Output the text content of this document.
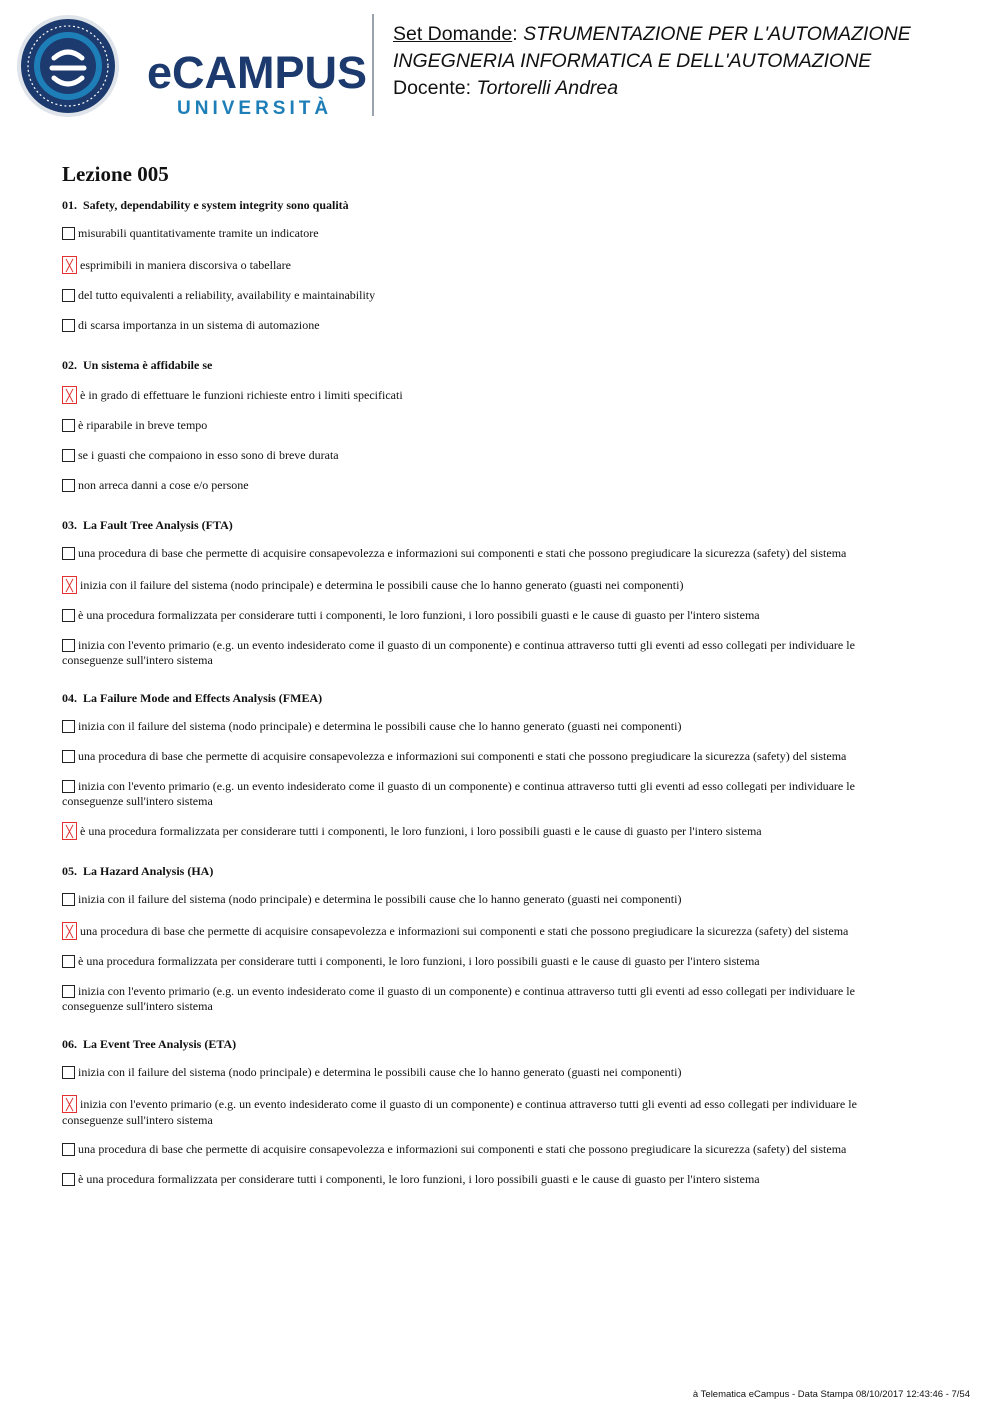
eCAMPUS
UNIVERSITÀ
Set Domande: STRUMENTAZIONE PER L'AUTOMAZIONE
INGEGNERIA INFORMATICA E DELL'AUTOMAZIONE
Docente: Tortorelli Andrea
Lezione 005
01. Safety, dependability e system integrity sono qualità
misurabili quantitativamente tramite un indicatore
esprimibili in maniera discorsiva o tabellare
del tutto equivalenti a reliability, availability e maintainability
di scarsa importanza in un sistema di automazione
02. Un sistema è affidabile se
è in grado di effettuare le funzioni richieste entro i limiti specificati
è riparabile in breve tempo
se i guasti che compaiono in esso sono di breve durata
non arreca danni a cose e/o persone
03. La Fault Tree Analysis (FTA)
una procedura di base che permette di acquisire consapevolezza e informazioni sui componenti e stati che possono pregiudicare la sicurezza (safety) del sistema
inizia con il failure del sistema (nodo principale) e determina le possibili cause che lo hanno generato (guasti nei componenti)
è una procedura formalizzata per considerare tutti i componenti, le loro funzioni, i loro possibili guasti e le cause di guasto per l'intero sistema
inizia con l'evento primario (e.g. un evento indesiderato come il guasto di un componente) e continua attraverso tutti gli eventi ad esso collegati per individuare le conseguenze sull'intero sistema
04. La Failure Mode and Effects Analysis (FMEA)
inizia con il failure del sistema (nodo principale) e determina le possibili cause che lo hanno generato (guasti nei componenti)
una procedura di base che permette di acquisire consapevolezza e informazioni sui componenti e stati che possono pregiudicare la sicurezza (safety) del sistema
inizia con l'evento primario (e.g. un evento indesiderato come il guasto di un componente) e continua attraverso tutti gli eventi ad esso collegati per individuare le conseguenze sull'intero sistema
è una procedura formalizzata per considerare tutti i componenti, le loro funzioni, i loro possibili guasti e le cause di guasto per l'intero sistema
05. La Hazard Analysis (HA)
inizia con il failure del sistema (nodo principale) e determina le possibili cause che lo hanno generato (guasti nei componenti)
una procedura di base che permette di acquisire consapevolezza e informazioni sui componenti e stati che possono pregiudicare la sicurezza (safety) del sistema
è una procedura formalizzata per considerare tutti i componenti, le loro funzioni, i loro possibili guasti e le cause di guasto per l'intero sistema
inizia con l'evento primario (e.g. un evento indesiderato come il guasto di un componente) e continua attraverso tutti gli eventi ad esso collegati per individuare le conseguenze sull'intero sistema
06. La Event Tree Analysis (ETA)
inizia con il failure del sistema (nodo principale) e determina le possibili cause che lo hanno generato (guasti nei componenti)
inizia con l'evento primario (e.g. un evento indesiderato come il guasto di un componente) e continua attraverso tutti gli eventi ad esso collegati per individuare le conseguenze sull'intero sistema
una procedura di base che permette di acquisire consapevolezza e informazioni sui componenti e stati che possono pregiudicare la sicurezza (safety) del sistema
è una procedura formalizzata per considerare tutti i componenti, le loro funzioni, i loro possibili guasti e le cause di guasto per l'intero sistema
à Telematica eCampus - Data Stampa 08/10/2017 12:43:46 - 7/54
